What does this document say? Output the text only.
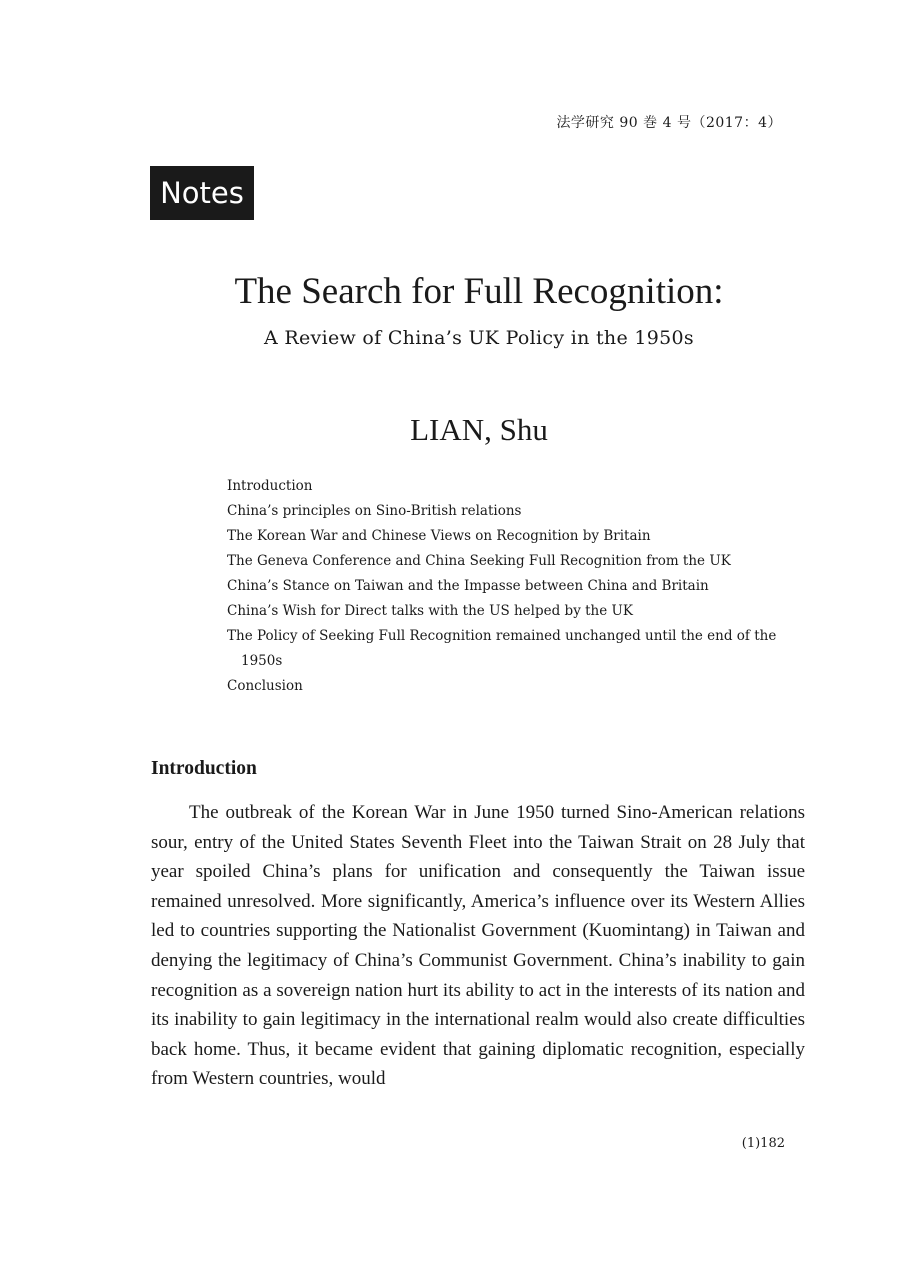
法学研究 90 巻 4 号（2017：4）
Notes
The Search for Full Recognition:
A Review of China’s UK Policy in the 1950s
LIAN, Shu
Introduction
China’s principles on Sino-British relations
The Korean War and Chinese Views on Recognition by Britain
The Geneva Conference and China Seeking Full Recognition from the UK
China’s Stance on Taiwan and the Impasse between China and Britain
China’s Wish for Direct talks with the US helped by the UK
The Policy of Seeking Full Recognition remained unchanged until the end of the
1950s
Conclusion
Introduction

The outbreak of the Korean War in June 1950 turned Sino-American relations sour, entry of the United States Seventh Fleet into the Taiwan Strait on 28 July that year spoiled China’s plans for unification and consequently the Taiwan issue remained unresolved. More significantly, America’s influence over its Western Allies led to countries supporting the Nationalist Government (Kuomintang) in Taiwan and denying the legitimacy of China’s Communist Government. China’s inability to gain recognition as a sovereign nation hurt its ability to act in the interests of its nation and its inability to gain legitimacy in the international realm would also create difficulties back home. Thus, it became evident that gaining diplomatic recognition, especially from Western countries, would

(1)182
